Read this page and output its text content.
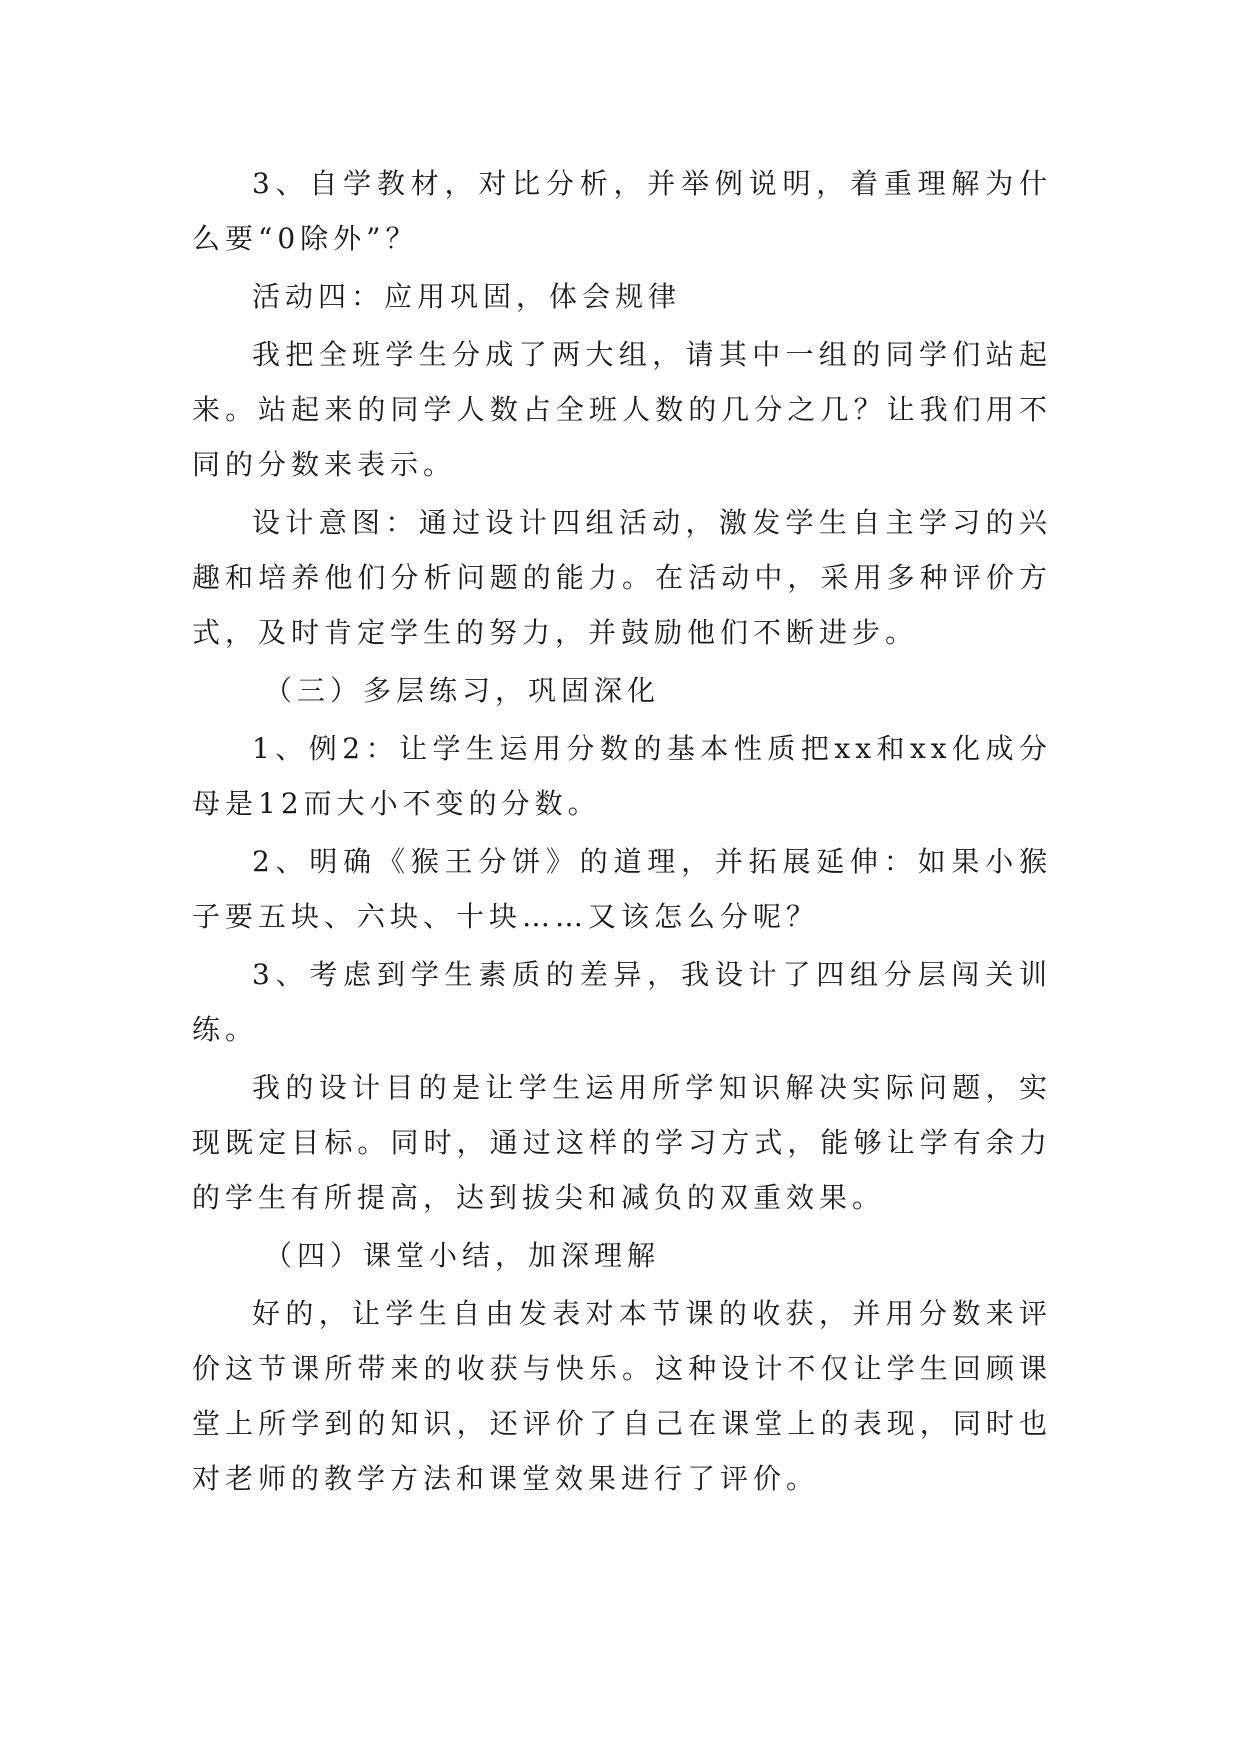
3、自学教材，对比分析，并举例说明，着重理解为什么要“0除外”？

活动四：应用巩固，体会规律

我把全班学生分成了两大组，请其中一组的同学们站起来。站起来的同学人数占全班人数的几分之几？让我们用不同的分数来表示。

设计意图：通过设计四组活动，激发学生自主学习的兴趣和培养他们分析问题的能力。在活动中，采用多种评价方式，及时肯定学生的努力，并鼓励他们不断进步。

（三）多层练习，巩固深化

1、例2：让学生运用分数的基本性质把xx和xx化成分母是12而大小不变的分数。

2、明确《猴王分饼》的道理，并拓展延伸：如果小猴子要五块、六块、十块……又该怎么分呢？

3、考虑到学生素质的差异，我设计了四组分层闯关训练。

我的设计目的是让学生运用所学知识解决实际问题，实现既定目标。同时，通过这样的学习方式，能够让学有余力的学生有所提高，达到拔尖和减负的双重效果。

（四）课堂小结，加深理解

好的，让学生自由发表对本节课的收获，并用分数来评价这节课所带来的收获与快乐。这种设计不仅让学生回顾课堂上所学到的知识，还评价了自己在课堂上的表现，同时也对老师的教学方法和课堂效果进行了评价。
